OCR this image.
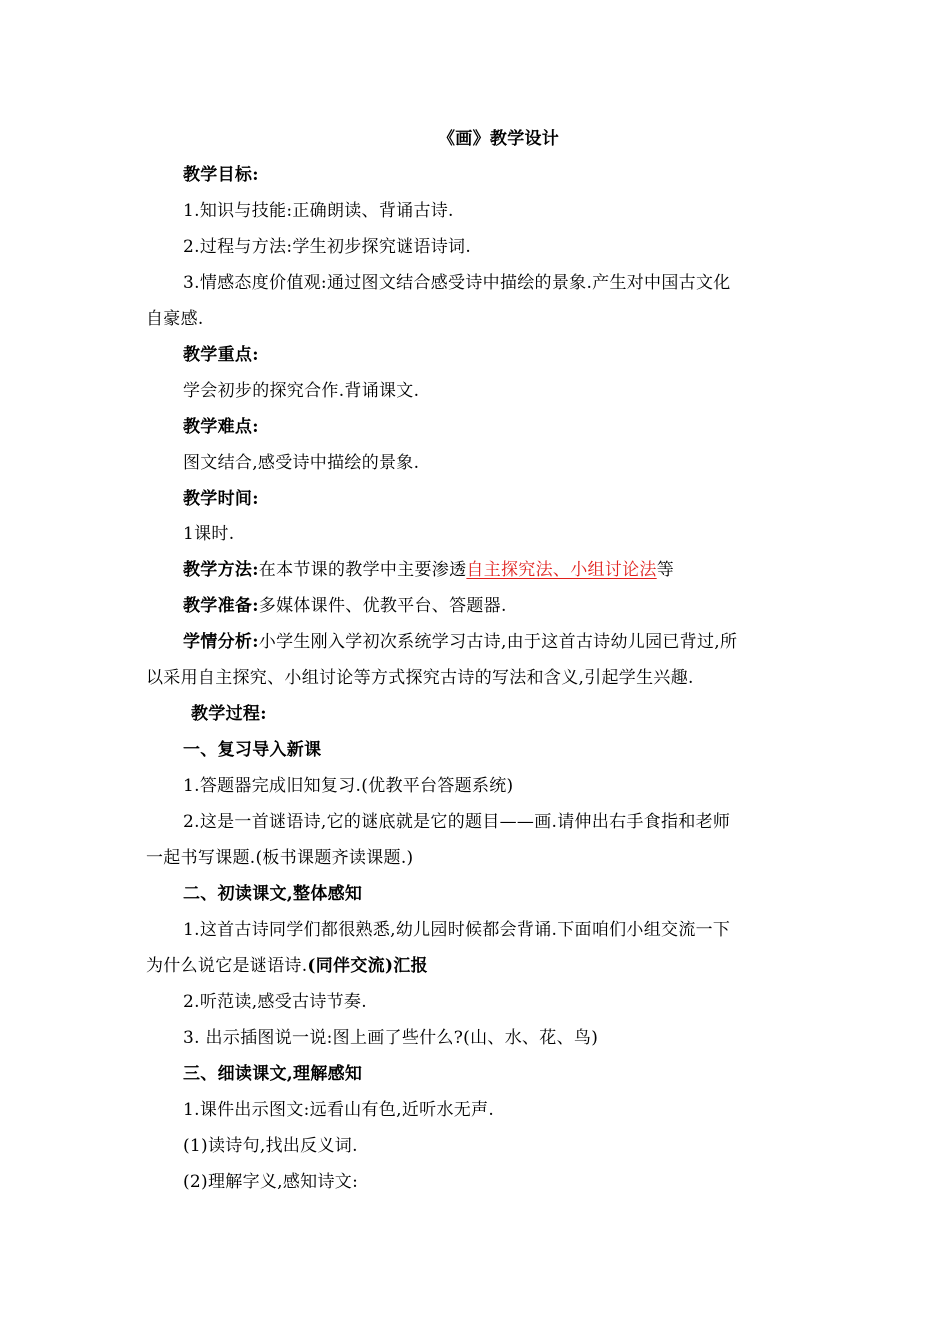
《画》教学设计
教学目标:
1.知识与技能:正确朗读、背诵古诗.
2.过程与方法:学生初步探究谜语诗词.
3.情感态度价值观:通过图文结合感受诗中描绘的景象.产生对中国古文化
自豪感.
教学重点:
学会初步的探究合作.背诵课文.
教学难点:
图文结合,感受诗中描绘的景象.
教学时间:
1课时.
教学方法:在本节课的教学中主要渗透自主探究法、小组讨论法等
教学准备:多媒体课件、优教平台、答题器.
学情分析:小学生刚入学初次系统学习古诗,由于这首古诗幼儿园已背过,所
以采用自主探究、小组讨论等方式探究古诗的写法和含义,引起学生兴趣.
教学过程:
一、复习导入新课
1.答题器完成旧知复习.(优教平台答题系统)
2.这是一首谜语诗,它的谜底就是它的题目——画.请伸出右手食指和老师
一起书写课题.(板书课题齐读课题.)
二、初读课文,整体感知
1.这首古诗同学们都很熟悉,幼儿园时候都会背诵.下面咱们小组交流一下
为什么说它是谜语诗.(同伴交流)汇报
2.听范读,感受古诗节奏.
3. 出示插图说一说:图上画了些什么?(山、水、花、鸟)
三、细读课文,理解感知
1.课件出示图文:远看山有色,近听水无声.
(1)读诗句,找出反义词.
(2)理解字义,感知诗文:
